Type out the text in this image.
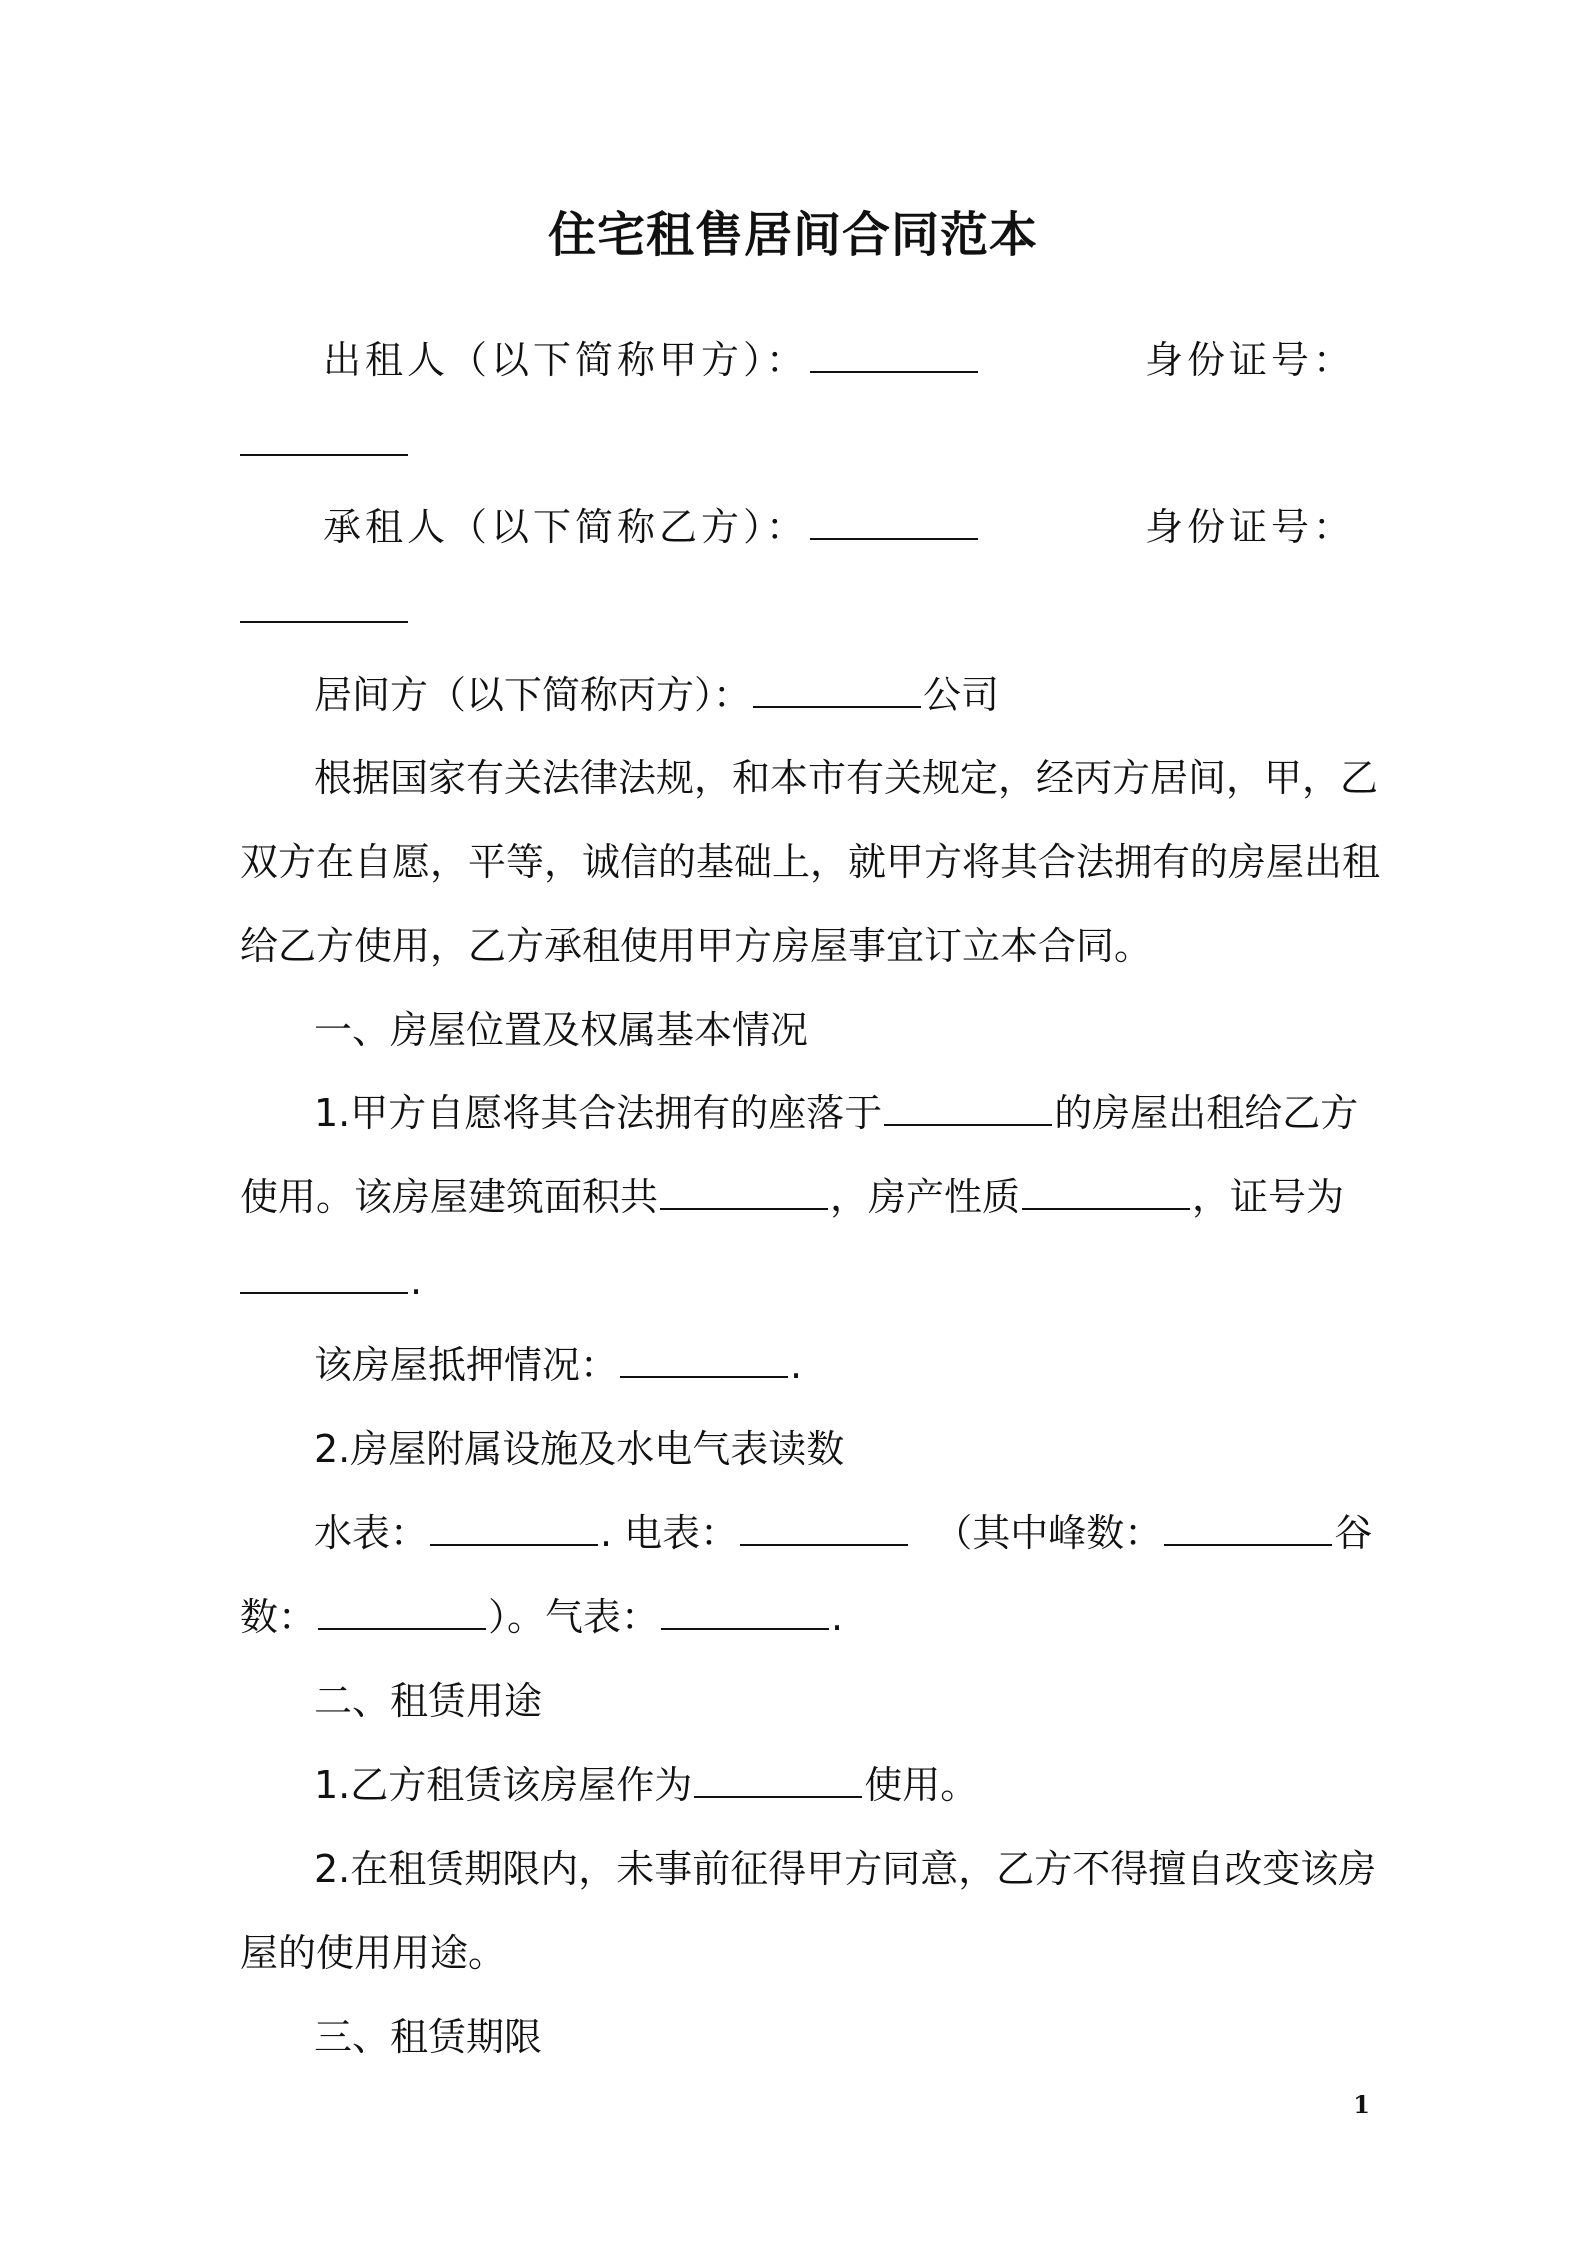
住宅租售居间合同范本
出租人（以下简称甲方）：	身份证号：
承租人（以下简称乙方）：	身份证号：
居间方（以下简称丙方）：	公司
根据国家有关法律法规，和本市有关规定，经丙方居间，甲，乙
双方在自愿，平等，诚信的基础上，就甲方将其合法拥有的房屋出租
给乙方使用，乙方承租使用甲方房屋事宜订立本合同。
一、房屋位置及权属基本情况
1.甲方自愿将其合法拥有的座落于	的房屋出租给乙方
使用。该房屋建筑面积共	，房产性质	，证号为
.
该房屋抵押情况：	.
2.房屋附属设施及水电气表读数
水表：	. 电表：	（其中峰数：	谷
数：	）。气表：	.
二、租赁用途
1.乙方租赁该房屋作为	使用。
2.在租赁期限内，未事前征得甲方同意，乙方不得擅自改变该房
屋的使用用途。
三、租赁期限
1
